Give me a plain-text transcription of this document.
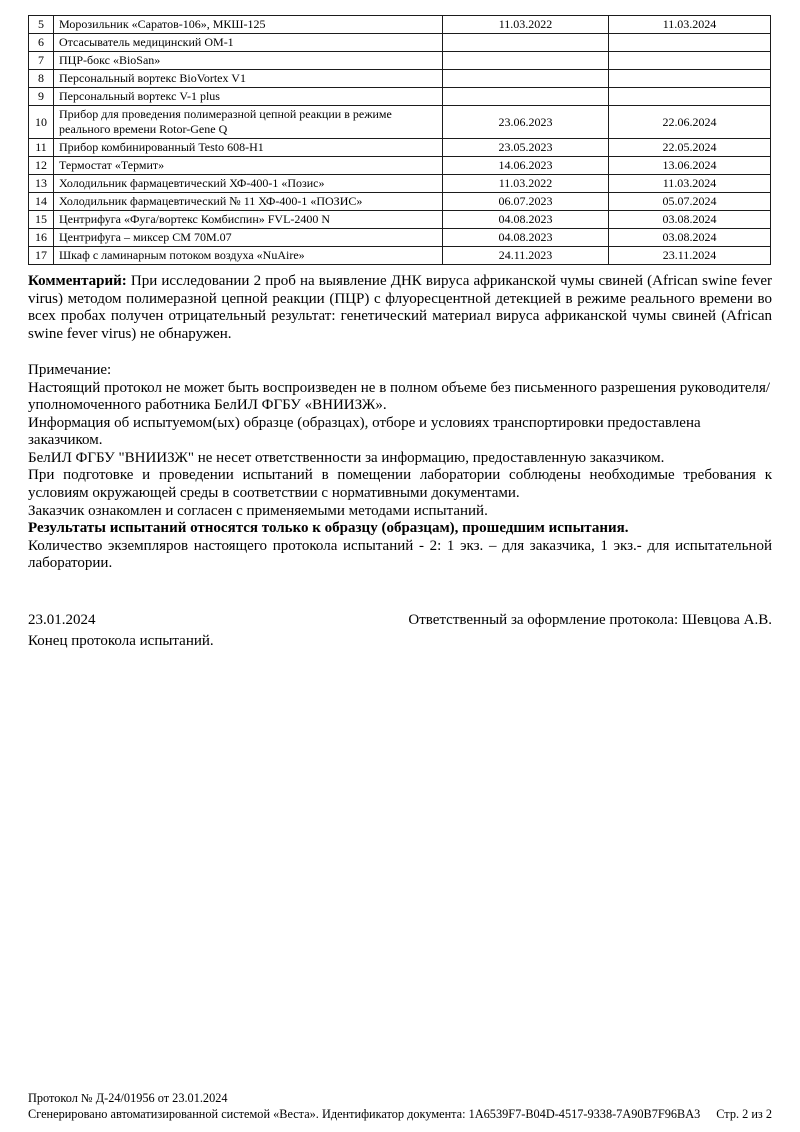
5	Морозильник «Саратов-106», МКШ-125	11.03.2022	11.03.2024
6	Отсасыватель медицинский ОМ-1		
7	ПЦР-бокс «BioSan»		
8	Персональный вортекс BioVortex V1		
9	Персональный вортекс V-1 plus		
10	Прибор для проведения полимеразной цепной реакции в режиме реального времени Rotor-Gene Q	23.06.2023	22.06.2024
11	Прибор комбинированный Testo 608-H1	23.05.2023	22.05.2024
12	Термостат «Термит»	14.06.2023	13.06.2024
13	Холодильник фармацевтический ХФ-400-1 «Позис»	11.03.2022	11.03.2024
14	Холодильник фармацевтический № 11 ХФ-400-1 «ПОЗИС»	06.07.2023	05.07.2024
15	Центрифуга «Фуга/вортекс Комбиспин» FVL-2400 N	04.08.2023	03.08.2024
16	Центрифуга – миксер СМ 70М.07	04.08.2023	03.08.2024
17	Шкаф с ламинарным потоком воздуха «NuAire»	24.11.2023	23.11.2024
Комментарий: При исследовании 2 проб на выявление ДНК вируса африканской чумы свиней (African swine fever virus) методом полимеразной цепной реакции (ПЦР) с флуоресцентной детекцией в режиме реального времени во всех пробах получен отрицательный результат: генетический материал вируса африканской чумы свиней (African swine fever virus) не обнаружен.
Примечание:
Настоящий протокол не может быть воспроизведен не в полном объеме без письменного разрешения руководителя/уполномоченного работника БелИЛ ФГБУ «ВНИИЗЖ».
Информация об испытуемом(ых) образце (образцах), отборе и условиях транспортировки предоставлена заказчиком.
БелИЛ ФГБУ "ВНИИЗЖ" не несет ответственности за информацию, предоставленную заказчиком.
При подготовке и проведении испытаний в помещении лаборатории соблюдены необходимые требования к условиям окружающей среды в соответствии с нормативными документами.
Заказчик ознакомлен и согласен с применяемыми методами испытаний.
Результаты испытаний относятся только к образцу (образцам), прошедшим испытания.
Количество экземпляров настоящего протокола испытаний - 2: 1 экз. – для заказчика, 1 экз.- для испытательной лаборатории.
23.01.2024	Ответственный за оформление протокола: Шевцова А.В.
Конец протокола испытаний.
Протокол № Д-24/01956 от 23.01.2024
Сгенерировано автоматизированной системой «Веста». Идентификатор документа: 1A6539F7-B04D-4517-9338-7A90B7F96BA3 Стр. 2 из 2
